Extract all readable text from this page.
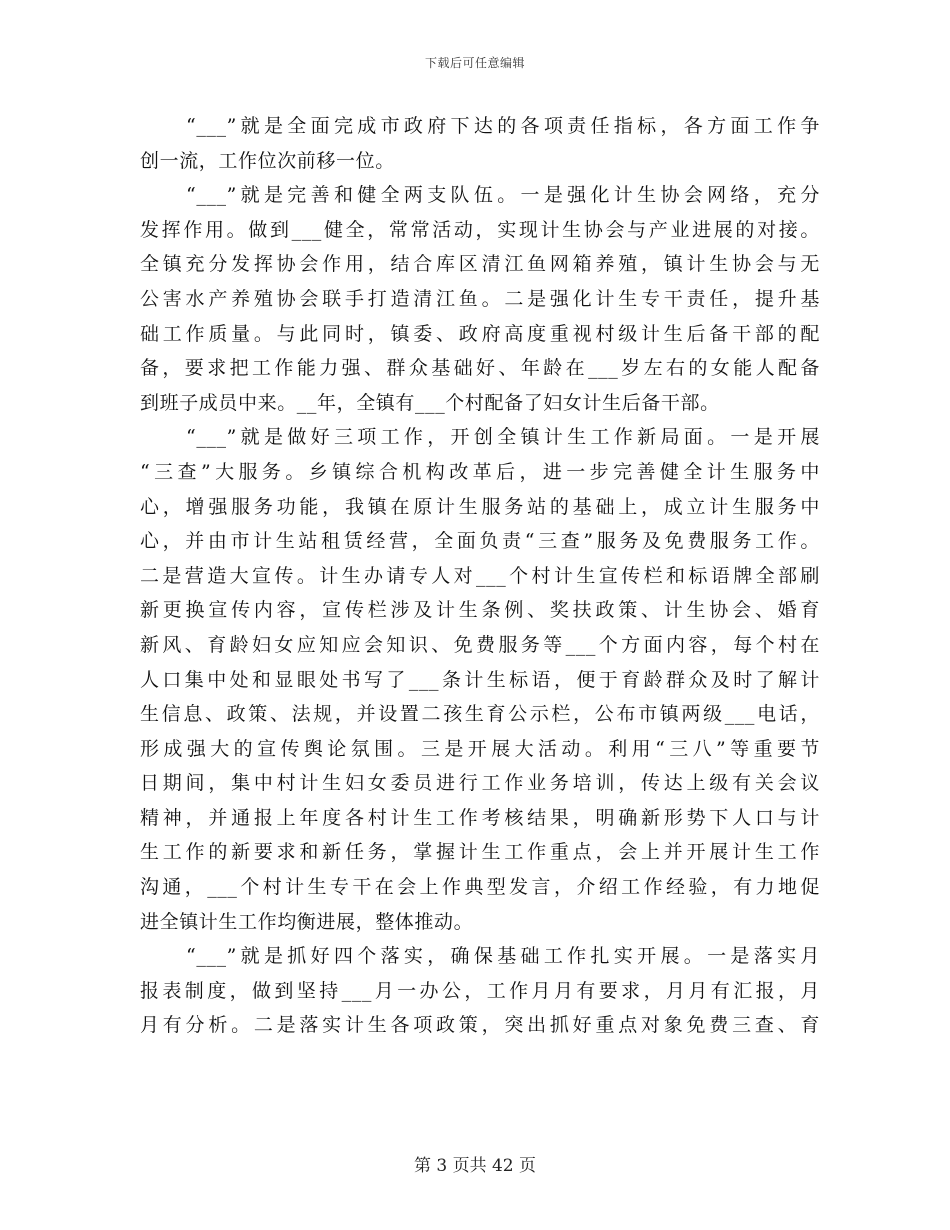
下载后可任意编辑
“___”就是全面完成市政府下达的各项责任指标，各方面工作争
创一流，工作位次前移一位。
“___”就是完善和健全两支队伍。一是强化计生协会网络，充分
发挥作用。做到___健全，常常活动，实现计生协会与产业进展的对接。
全镇充分发挥协会作用，结合库区清江鱼网箱养殖，镇计生协会与无
公害水产养殖协会联手打造清江鱼。二是强化计生专干责任，提升基
础工作质量。与此同时，镇委、政府高度重视村级计生后备干部的配
备，要求把工作能力强、群众基础好、年龄在___岁左右的女能人配备
到班子成员中来。__年，全镇有___个村配备了妇女计生后备干部。
“___”就是做好三项工作，开创全镇计生工作新局面。一是开展
“三查”大服务。乡镇综合机构改革后，进一步完善健全计生服务中
心，增强服务功能，我镇在原计生服务站的基础上，成立计生服务中
心，并由市计生站租赁经营，全面负责“三查”服务及免费服务工作。
二是营造大宣传。计生办请专人对___个村计生宣传栏和标语牌全部刷
新更换宣传内容，宣传栏涉及计生条例、奖扶政策、计生协会、婚育
新风、育龄妇女应知应会知识、免费服务等___个方面内容，每个村在
人口集中处和显眼处书写了___条计生标语，便于育龄群众及时了解计
生信息、政策、法规，并设置二孩生育公示栏，公布市镇两级___电话，
形成强大的宣传舆论氛围。三是开展大活动。利用“三八”等重要节
日期间，集中村计生妇女委员进行工作业务培训，传达上级有关会议
精神，并通报上年度各村计生工作考核结果，明确新形势下人口与计
生工作的新要求和新任务，掌握计生工作重点，会上并开展计生工作
沟通，___个村计生专干在会上作典型发言，介绍工作经验，有力地促
进全镇计生工作均衡进展，整体推动。
“___”就是抓好四个落实，确保基础工作扎实开展。一是落实月
报表制度，做到坚持___月一办公，工作月月有要求，月月有汇报，月
月有分析。二是落实计生各项政策，突出抓好重点对象免费三查、育
第 3 页共 42 页
